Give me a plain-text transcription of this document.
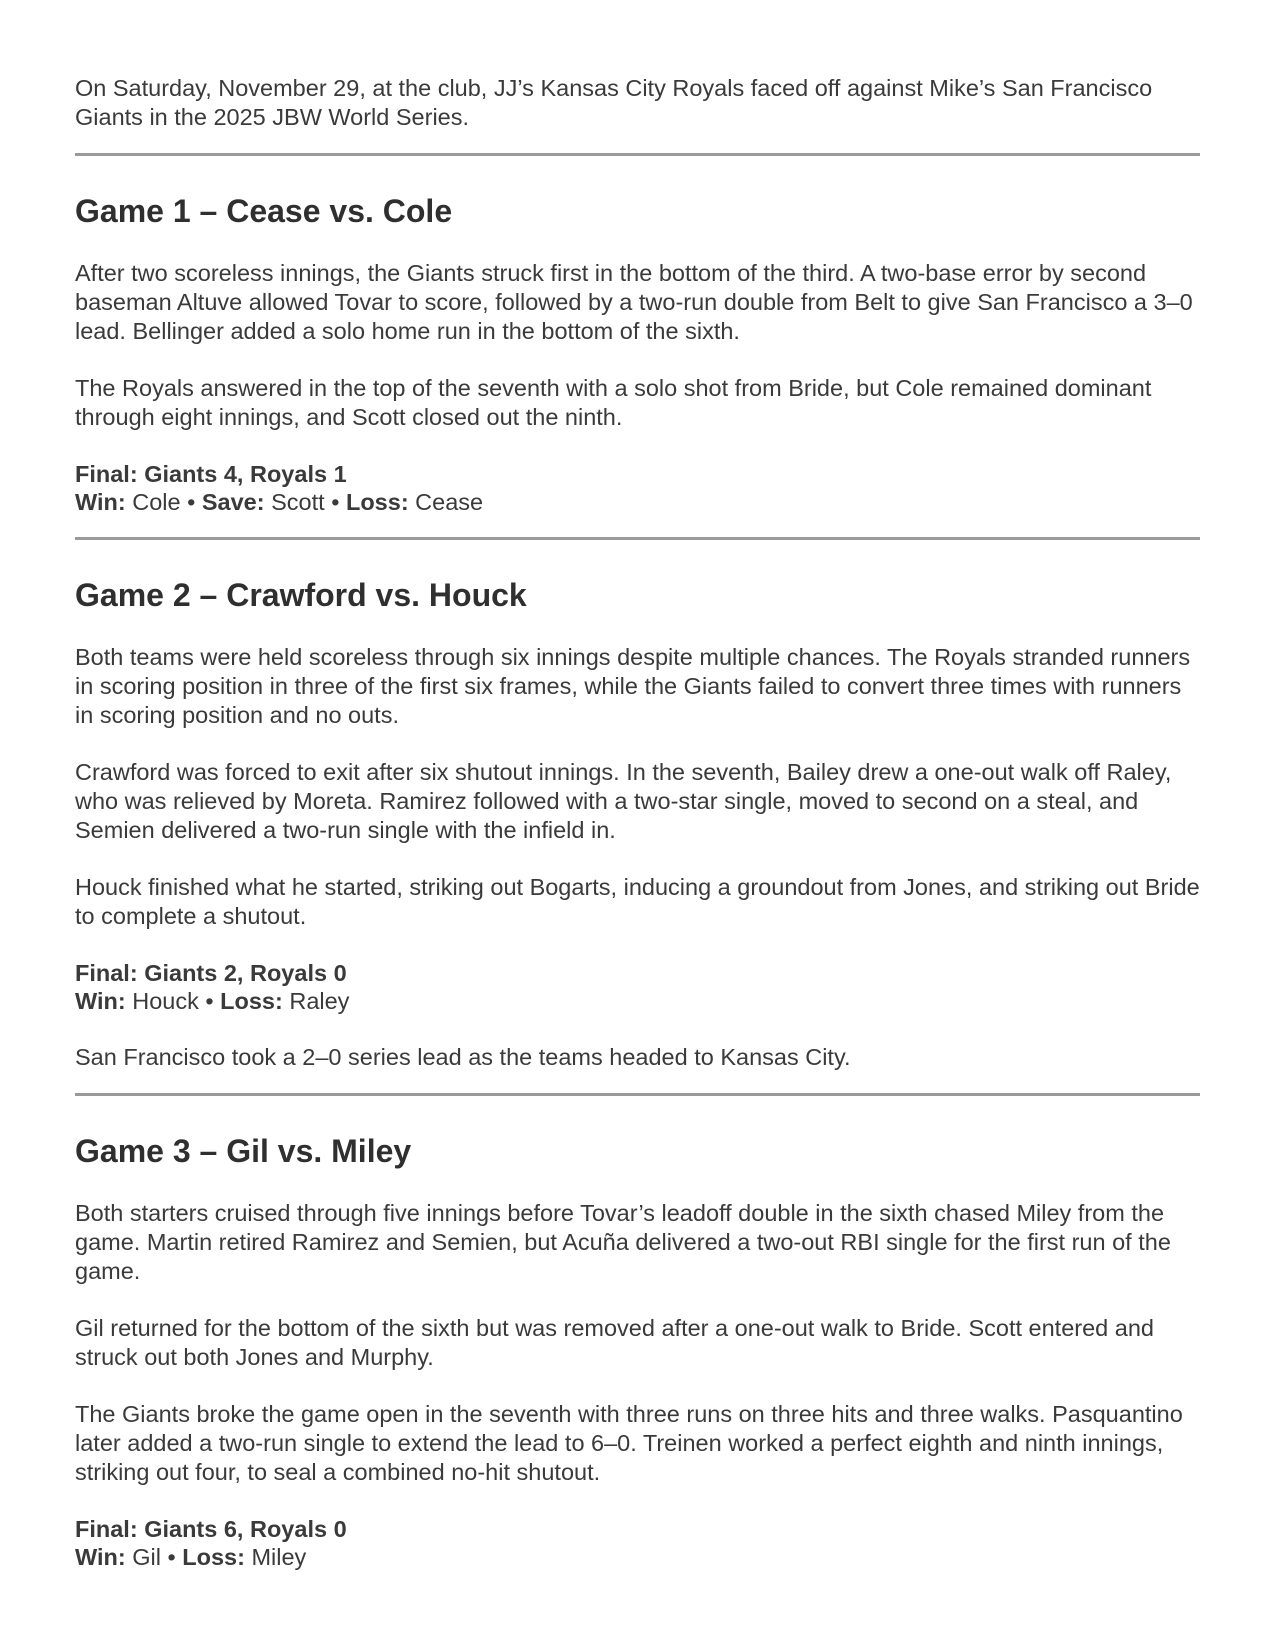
On Saturday, November 29, at the club, JJ’s Kansas City Royals faced off against Mike’s San Francisco Giants in the 2025 JBW World Series.

Game 1 – Cease vs. Cole

After two scoreless innings, the Giants struck first in the bottom of the third. A two-base error by second baseman Altuve allowed Tovar to score, followed by a two-run double from Belt to give San Francisco a 3–0 lead. Bellinger added a solo home run in the bottom of the sixth.

The Royals answered in the top of the seventh with a solo shot from Bride, but Cole remained dominant through eight innings, and Scott closed out the ninth.

Final: Giants 4, Royals 1

Win: Cole • Save: Scott • Loss: Cease

Game 2 – Crawford vs. Houck

Both teams were held scoreless through six innings despite multiple chances. The Royals stranded runners in scoring position in three of the first six frames, while the Giants failed to convert three times with runners in scoring position and no outs.

Crawford was forced to exit after six shutout innings. In the seventh, Bailey drew a one-out walk off Raley, who was relieved by Moreta. Ramirez followed with a two-star single, moved to second on a steal, and Semien delivered a two-run single with the infield in.

Houck finished what he started, striking out Bogarts, inducing a groundout from Jones, and striking out Bride to complete a shutout.

Final: Giants 2, Royals 0

Win: Houck • Loss: Raley

San Francisco took a 2–0 series lead as the teams headed to Kansas City.

Game 3 – Gil vs. Miley

Both starters cruised through five innings before Tovar’s leadoff double in the sixth chased Miley from the game. Martin retired Ramirez and Semien, but Acuña delivered a two-out RBI single for the first run of the game.

Gil returned for the bottom of the sixth but was removed after a one-out walk to Bride. Scott entered and struck out both Jones and Murphy.

The Giants broke the game open in the seventh with three runs on three hits and three walks. Pasquantino later added a two-run single to extend the lead to 6–0. Treinen worked a perfect eighth and ninth innings, striking out four, to seal a combined no-hit shutout.

Final: Giants 6, Royals 0

Win: Gil • Loss: Miley
